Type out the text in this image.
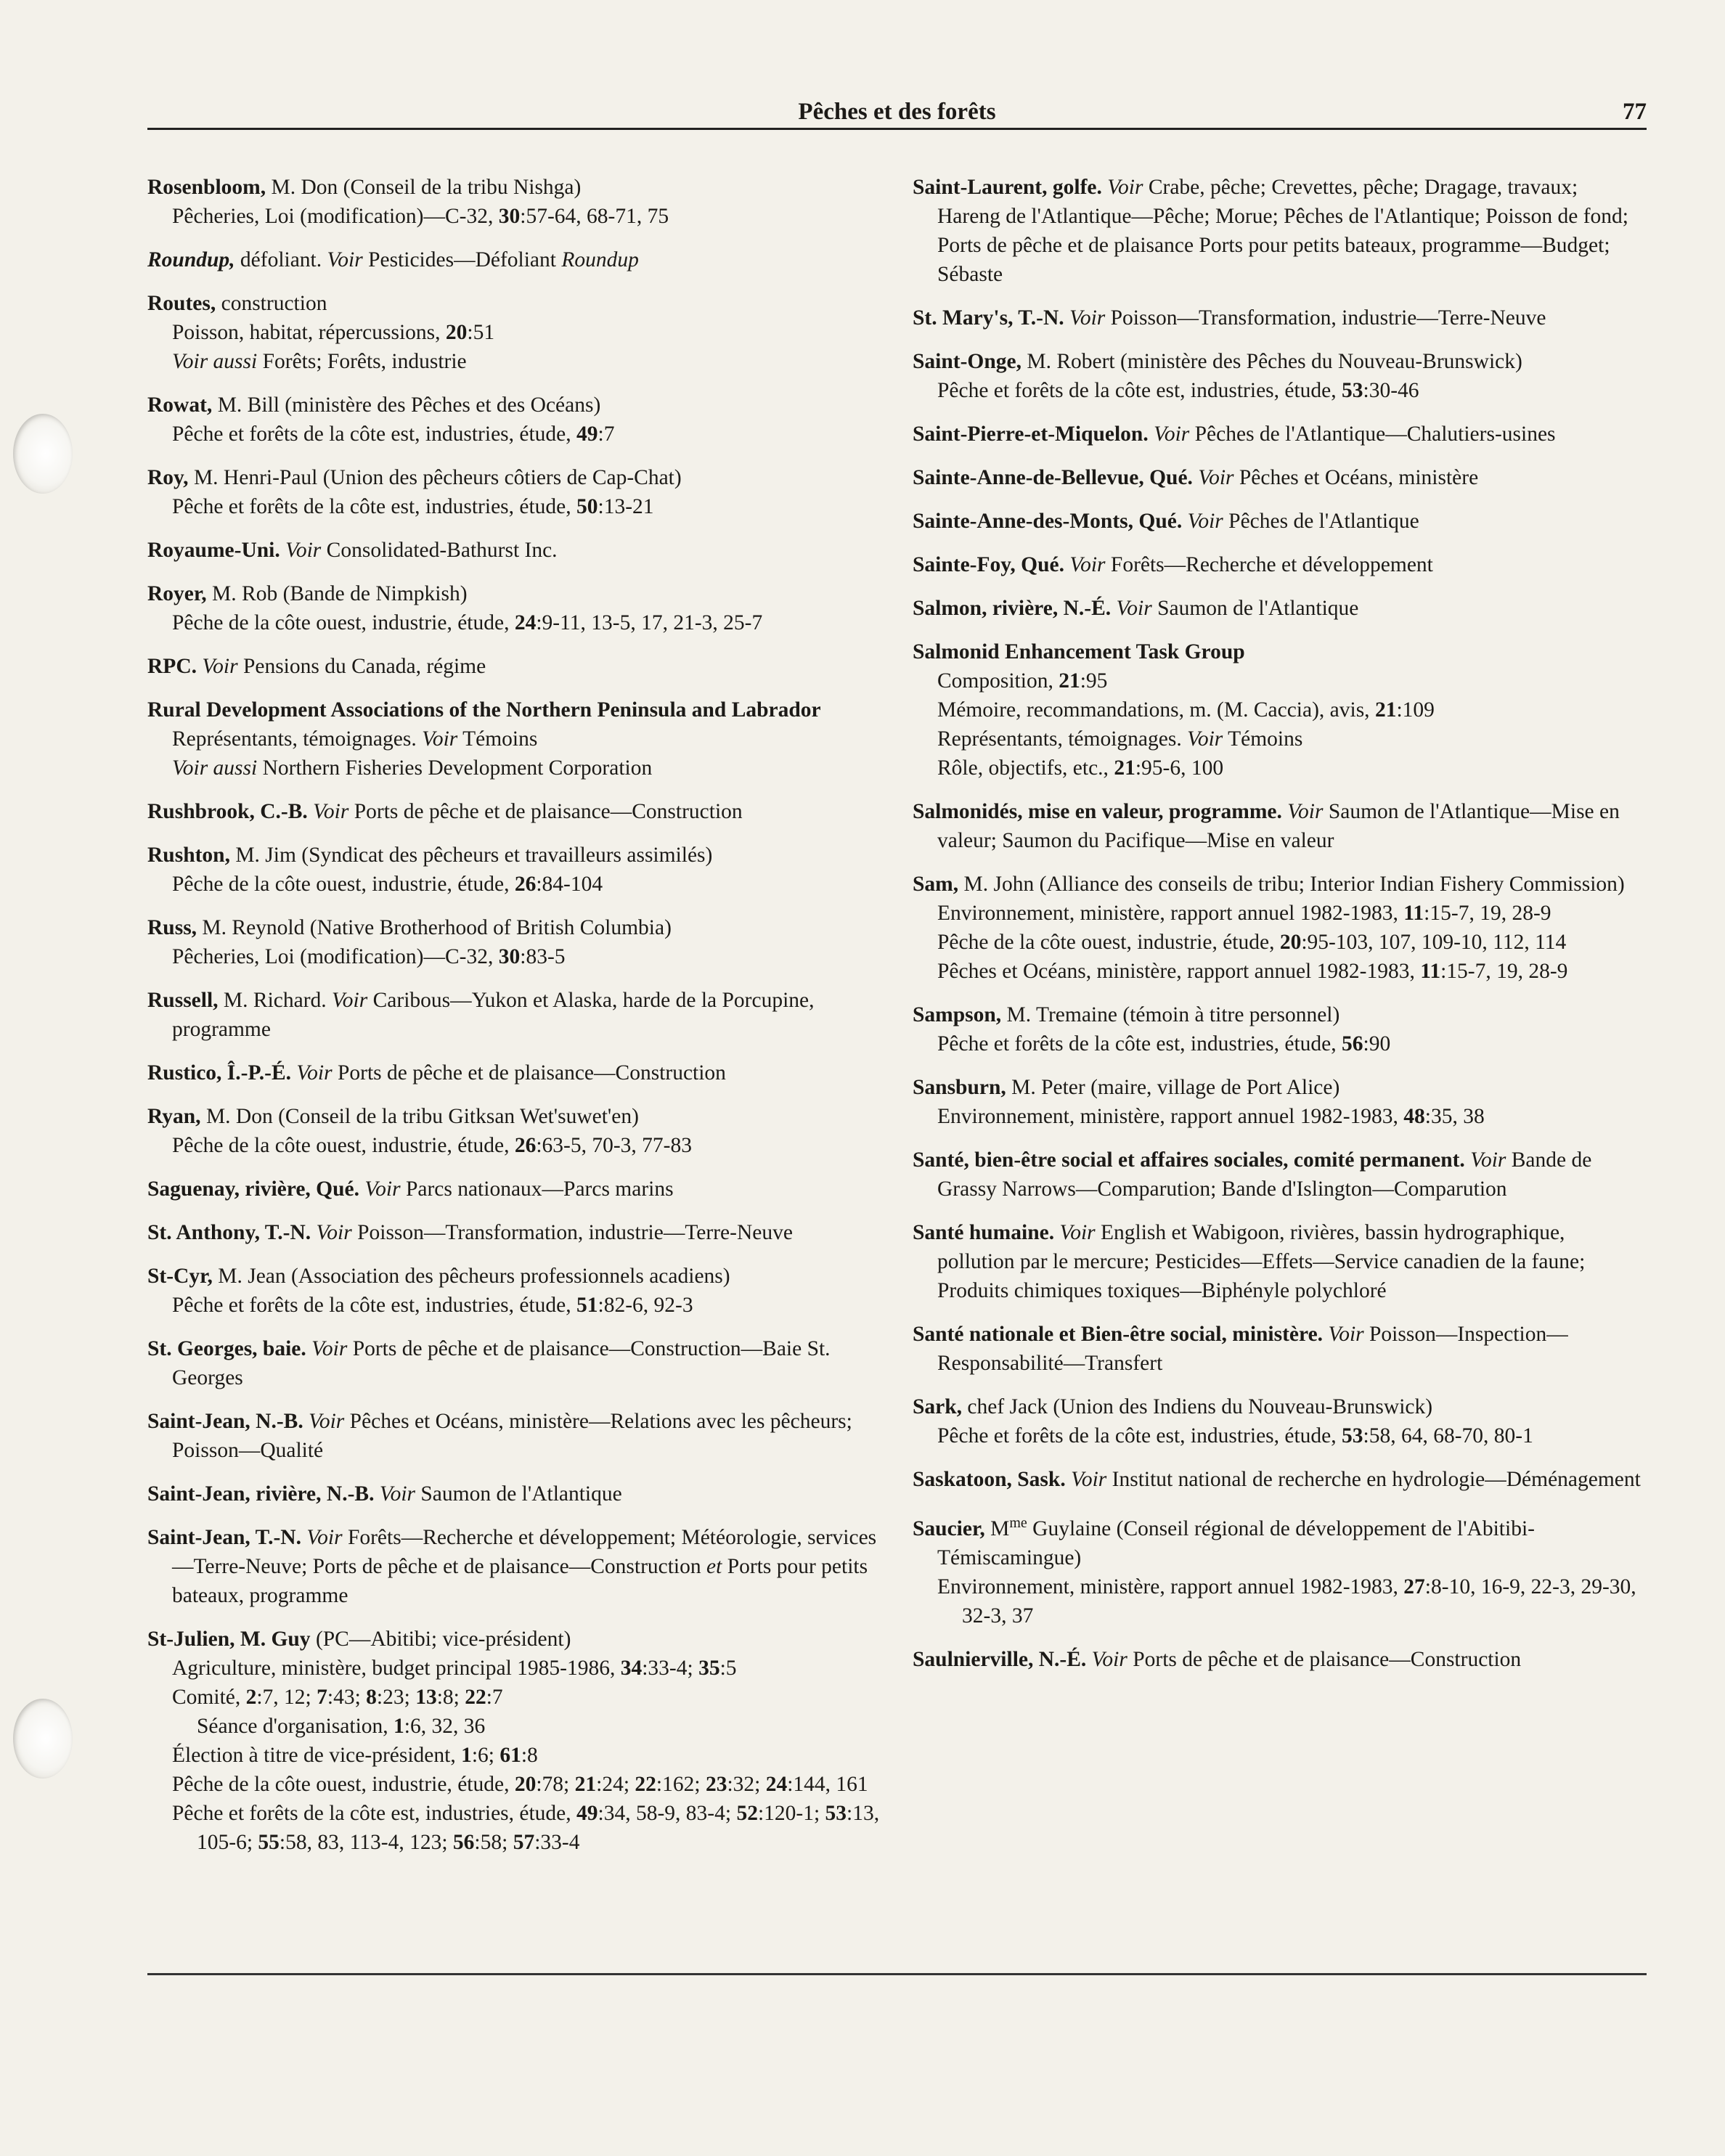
Pêches et des forêts	77
Rosenbloom, M. Don (Conseil de la tribu Nishga)
Pêcheries, Loi (modification)—C-32, 30:57-64, 68-71, 75
Roundup, défoliant. Voir Pesticides—Défoliant Roundup
Routes, construction
Poisson, habitat, répercussions, 20:51
Voir aussi Forêts; Forêts, industrie
Rowat, M. Bill (ministère des Pêches et des Océans)
Pêche et forêts de la côte est, industries, étude, 49:7
Roy, M. Henri-Paul (Union des pêcheurs côtiers de Cap-Chat)
Pêche et forêts de la côte est, industries, étude, 50:13-21
Royaume-Uni. Voir Consolidated-Bathurst Inc.
Royer, M. Rob (Bande de Nimpkish)
Pêche de la côte ouest, industrie, étude, 24:9-11, 13-5, 17, 21-3, 25-7
RPC. Voir Pensions du Canada, régime
Rural Development Associations of the Northern Peninsula and Labrador
Représentants, témoignages. Voir Témoins
Voir aussi Northern Fisheries Development Corporation
Rushbrook, C.-B. Voir Ports de pêche et de plaisance—Construction
Rushton, M. Jim (Syndicat des pêcheurs et travailleurs assimilés)
Pêche de la côte ouest, industrie, étude, 26:84-104
Russ, M. Reynold (Native Brotherhood of British Columbia)
Pêcheries, Loi (modification)—C-32, 30:83-5
Russell, M. Richard. Voir Caribous—Yukon et Alaska, harde de la Porcupine, programme
Rustico, Î.-P.-É. Voir Ports de pêche et de plaisance—Construction
Ryan, M. Don (Conseil de la tribu Gitksan Wet'suwet'en)
Pêche de la côte ouest, industrie, étude, 26:63-5, 70-3, 77-83
Saguenay, rivière, Qué. Voir Parcs nationaux—Parcs marins
St. Anthony, T.-N. Voir Poisson—Transformation, industrie—Terre-Neuve
St-Cyr, M. Jean (Association des pêcheurs professionnels acadiens)
Pêche et forêts de la côte est, industries, étude, 51:82-6, 92-3
St. Georges, baie. Voir Ports de pêche et de plaisance—Construction—Baie St. Georges
Saint-Jean, N.-B. Voir Pêches et Océans, ministère—Relations avec les pêcheurs; Poisson—Qualité
Saint-Jean, rivière, N.-B. Voir Saumon de l'Atlantique
Saint-Jean, T.-N. Voir Forêts—Recherche et développement; Météorologie, services—Terre-Neuve; Ports de pêche et de plaisance—Construction et Ports pour petits bateaux, programme
St-Julien, M. Guy (PC—Abitibi; vice-président)
Agriculture, ministère, budget principal 1985-1986, 34:33-4; 35:5
Comité, 2:7, 12; 7:43; 8:23; 13:8; 22:7
Séance d'organisation, 1:6, 32, 36
Élection à titre de vice-président, 1:6; 61:8
Pêche de la côte ouest, industrie, étude, 20:78; 21:24; 22:162; 23:32; 24:144, 161
Pêche et forêts de la côte est, industries, étude, 49:34, 58-9, 83-4; 52:120-1; 53:13, 105-6; 55:58, 83, 113-4, 123; 56:58; 57:33-4
Saint-Laurent, golfe. Voir Crabe, pêche; Crevettes, pêche; Dragage, travaux; Hareng de l'Atlantique—Pêche; Morue; Pêches de l'Atlantique; Poisson de fond; Ports de pêche et de plaisance Ports pour petits bateaux, programme—Budget; Sébaste
St. Mary's, T.-N. Voir Poisson—Transformation, industrie—Terre-Neuve
Saint-Onge, M. Robert (ministère des Pêches du Nouveau-Brunswick)
Pêche et forêts de la côte est, industries, étude, 53:30-46
Saint-Pierre-et-Miquelon. Voir Pêches de l'Atlantique—Chalutiers-usines
Sainte-Anne-de-Bellevue, Qué. Voir Pêches et Océans, ministère
Sainte-Anne-des-Monts, Qué. Voir Pêches de l'Atlantique
Sainte-Foy, Qué. Voir Forêts—Recherche et développement
Salmon, rivière, N.-É. Voir Saumon de l'Atlantique
Salmonid Enhancement Task Group
Composition, 21:95
Mémoire, recommandations, m. (M. Caccia), avis, 21:109
Représentants, témoignages. Voir Témoins
Rôle, objectifs, etc., 21:95-6, 100
Salmonidés, mise en valeur, programme. Voir Saumon de l'Atlantique—Mise en valeur; Saumon du Pacifique—Mise en valeur
Sam, M. John (Alliance des conseils de tribu; Interior Indian Fishery Commission)
Environnement, ministère, rapport annuel 1982-1983, 11:15-7, 19, 28-9
Pêche de la côte ouest, industrie, étude, 20:95-103, 107, 109-10, 112, 114
Pêches et Océans, ministère, rapport annuel 1982-1983, 11:15-7, 19, 28-9
Sampson, M. Tremaine (témoin à titre personnel)
Pêche et forêts de la côte est, industries, étude, 56:90
Sansburn, M. Peter (maire, village de Port Alice)
Environnement, ministère, rapport annuel 1982-1983, 48:35, 38
Santé, bien-être social et affaires sociales, comité permanent. Voir Bande de Grassy Narrows—Comparution; Bande d'Islington—Comparution
Santé humaine. Voir English et Wabigoon, rivières, bassin hydrographique, pollution par le mercure; Pesticides—Effets—Service canadien de la faune; Produits chimiques toxiques—Biphényle polychloré
Santé nationale et Bien-être social, ministère. Voir Poisson—Inspection—Responsabilité—Transfert
Sark, chef Jack (Union des Indiens du Nouveau-Brunswick)
Pêche et forêts de la côte est, industries, étude, 53:58, 64, 68-70, 80-1
Saskatoon, Sask. Voir Institut national de recherche en hydrologie—Déménagement
Saucier, $M^{me}$ Guylaine (Conseil régional de développement de l'Abitibi-Témiscamingue)
Environnement, ministère, rapport annuel 1982-1983, 27:8-10, 16-9, 22-3, 29-30, 32-3, 37
Saulnierville, N.-É. Voir Ports de pêche et de plaisance—Construction
